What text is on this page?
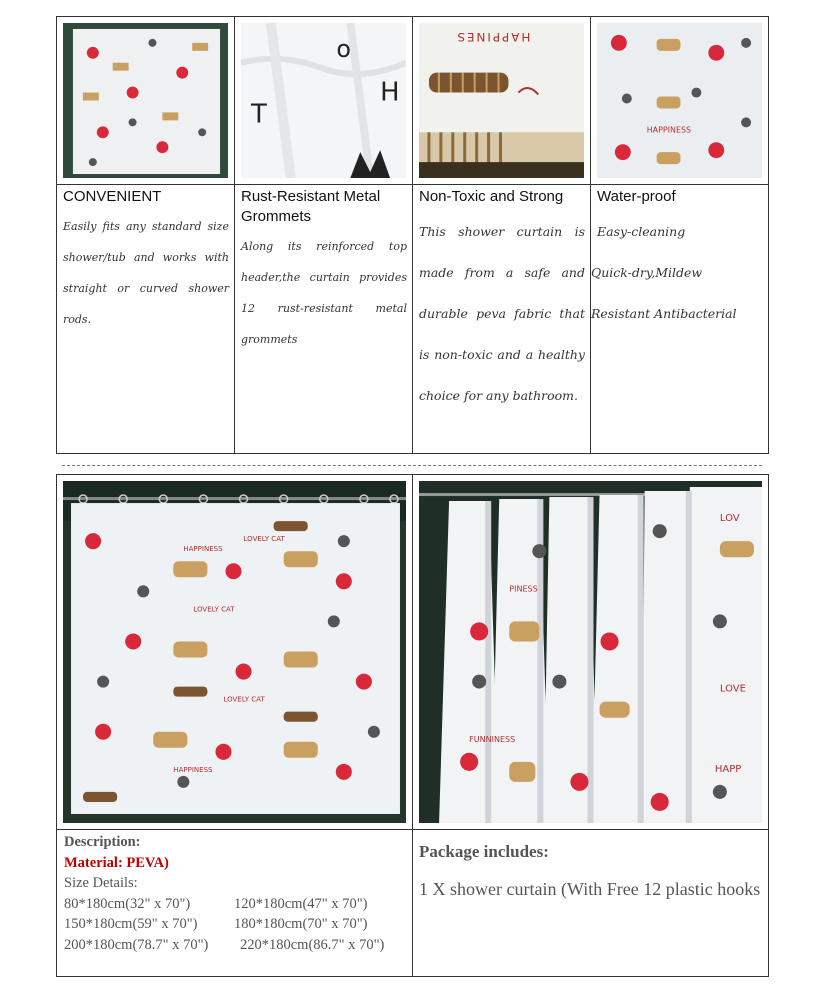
o
H
T
HAPPINES
HAPPINESS
CONVENIENT
Easily fits any standard size shower/tub and works with straight or curved shower rods.
Rust-Resistant Metal Grommets
Along its reinforced top header,the curtain provides 12 rust-resistant metal grommets
Non-Toxic and Strong
This shower curtain is made from a safe and durable peva fabric that is non-toxic and a healthy choice for any bathroom.
Water-proof
Easy-cleaning
Quick-dry,Mildew
Resistant Antibacterial
LOVELY CAT
HAPPINESS
LOVELY CAT
HAPPINESS
LOVELY CAT
LOV
LOVE
HAPP
FUNNINESS
PINESS
Description:
Material: PEVA)
Size Details:
80*180cm(32" x 70")	120*180cm(47" x 70")
150*180cm(59" x 70")	180*180cm(70" x 70")
200*180cm(78.7" x 70")	220*180cm(86.7" x 70")
Package includes:
1 X shower curtain (With Free 12 plastic hooks
